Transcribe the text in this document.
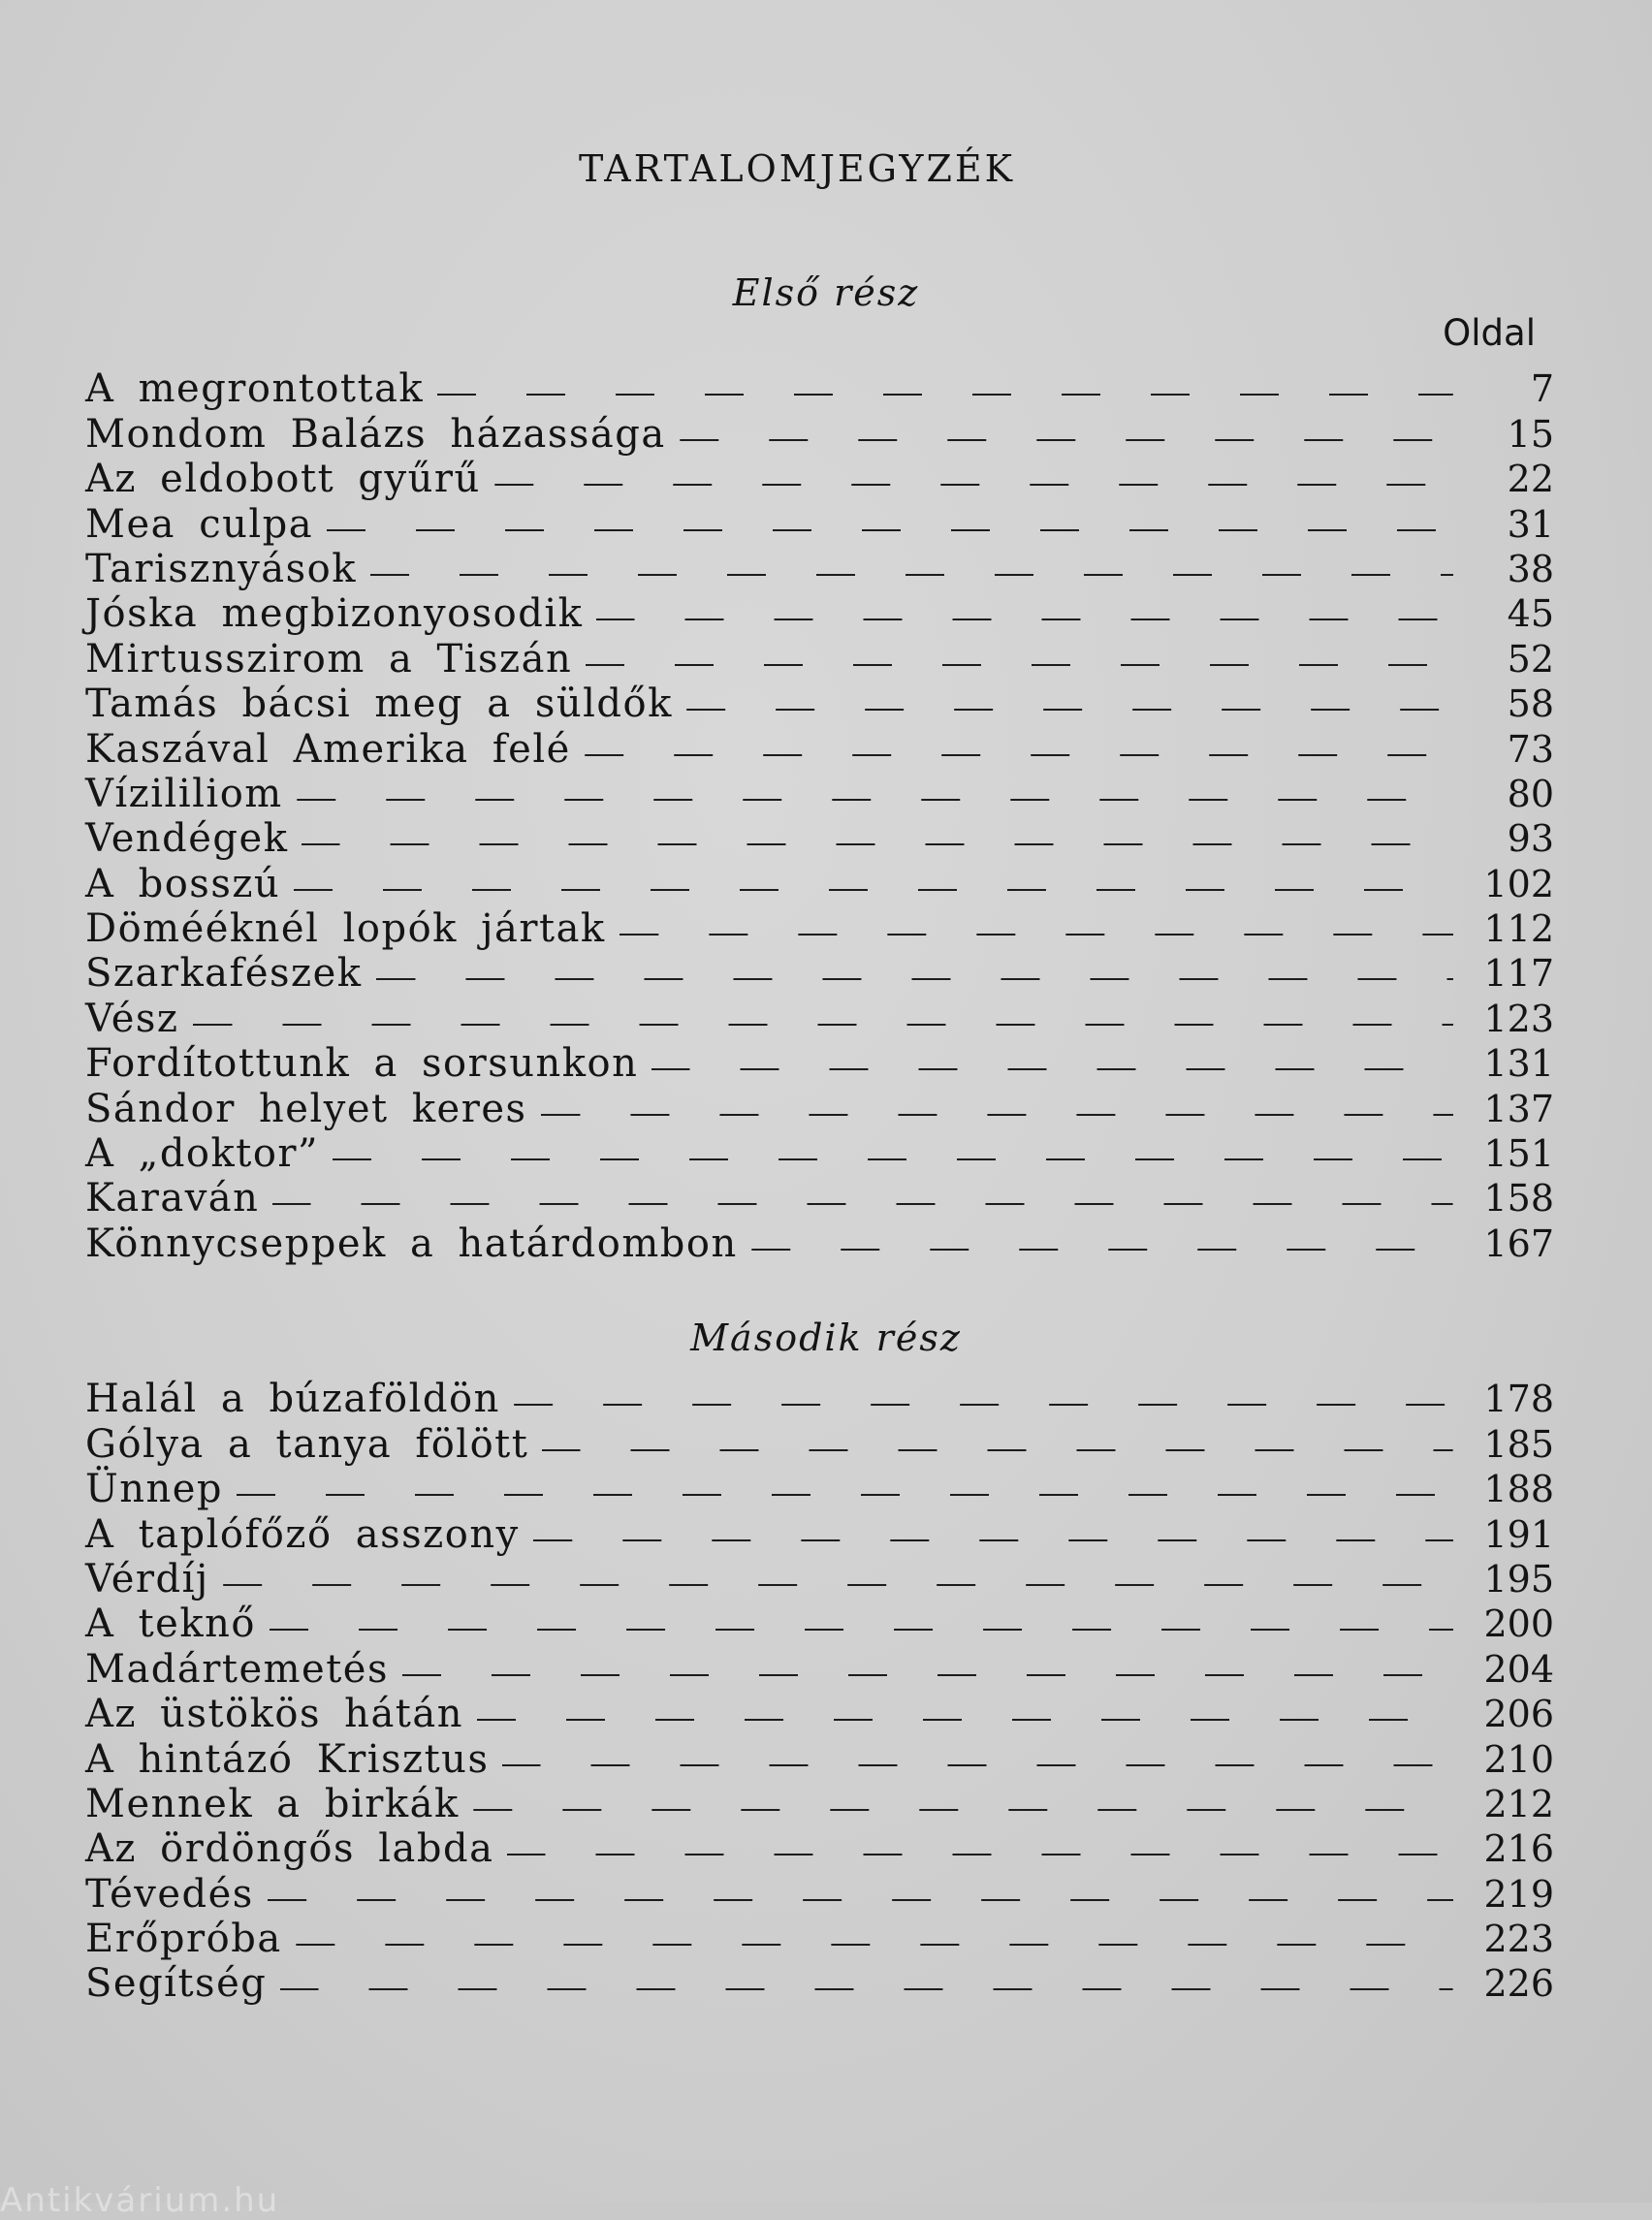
TARTALOMJEGYZÉK
Első rész
Oldal
A megrontottak	7
Mondom Balázs házassága	15
Az eldobott gyűrű	22
Mea culpa	31
Tarisznyások	38
Jóska megbizonyosodik	45
Mirtusszirom a Tiszán	52
Tamás bácsi meg a süldők	58
Kaszával Amerika felé	73
Vízililiom	80
Vendégek	93
A bosszú	102
Dömééknél lopók jártak	112
Szarkafészek	117
Vész	123
Fordítottunk a sorsunkon	131
Sándor helyet keres	137
A „doktor”	151
Karaván	158
Könnycseppek a határdombon	167
Második rész
Halál a búzaföldön	178
Gólya a tanya fölött	185
Ünnep	188
A taplófőző asszony	191
Vérdíj	195
A teknő	200
Madártemetés	204
Az üstökös hátán	206
A hintázó Krisztus	210
Mennek a birkák	212
Az ördöngős labda	216
Tévedés	219
Erőpróba	223
Segítség	226
Antikvárium.hu
